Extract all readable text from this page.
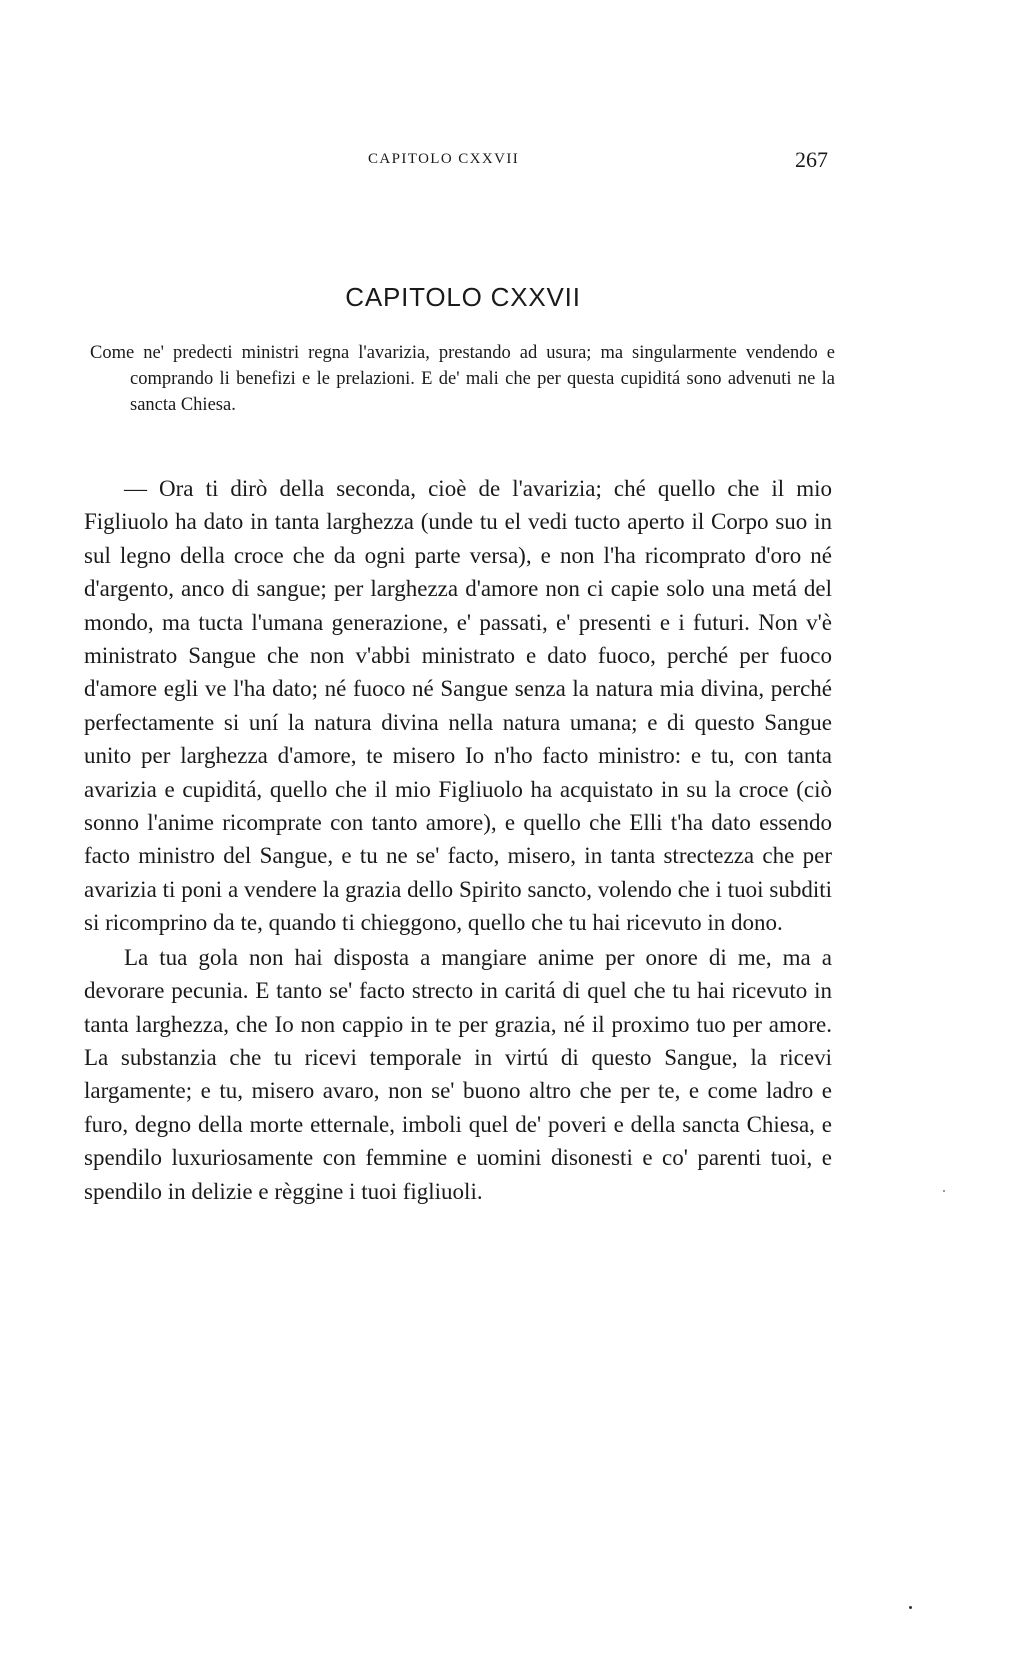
CAPITOLO CXXVII	267
CAPITOLO CXXVII
Come ne' predecti ministri regna l'avarizia, prestando ad usura; ma singularmente vendendo e comprando li benefizi e le prelazioni. E de' mali che per questa cupiditá sono advenuti ne la sancta Chiesa.

— Ora ti dirò della seconda, cioè de l'avarizia; ché quello che il mio Figliuolo ha dato in tanta larghezza (unde tu el vedi tucto aperto il Corpo suo in sul legno della croce che da ogni parte versa), e non l'ha ricomprato d'oro né d'argento, anco di sangue; per larghezza d'amore non ci capie solo una metá del mondo, ma tucta l'umana generazione, e' passati, e' presenti e i futuri. Non v'è ministrato Sangue che non v'abbi ministrato e dato fuoco, perché per fuoco d'amore egli ve l'ha dato; né fuoco né Sangue senza la natura mia divina, perché perfectamente si uní la natura divina nella natura umana; e di questo Sangue unito per larghezza d'amore, te misero Io n'ho facto ministro: e tu, con tanta avarizia e cupiditá, quello che il mio Figliuolo ha acquistato in su la croce (ciò sonno l'anime ricomprate con tanto amore), e quello che Elli t'ha dato essendo facto ministro del Sangue, e tu ne se' facto, misero, in tanta strectezza che per avarizia ti poni a vendere la grazia dello Spirito sancto, volendo che i tuoi subditi si ricomprino da te, quando ti chieggono, quello che tu hai ricevuto in dono.

La tua gola non hai disposta a mangiare anime per onore di me, ma a devorare pecunia. E tanto se' facto strecto in caritá di quel che tu hai ricevuto in tanta larghezza, che Io non cappio in te per grazia, né il proximo tuo per amore. La substanzia che tu ricevi temporale in virtú di questo Sangue, la ricevi largamente; e tu, misero avaro, non se' buono altro che per te, e come ladro e furo, degno della morte etternale, imboli quel de' poveri e della sancta Chiesa, e spendilo luxuriosamente con femmine e uomini disonesti e co' parenti tuoi, e spendilo in delizie e règgine i tuoi figliuoli.
